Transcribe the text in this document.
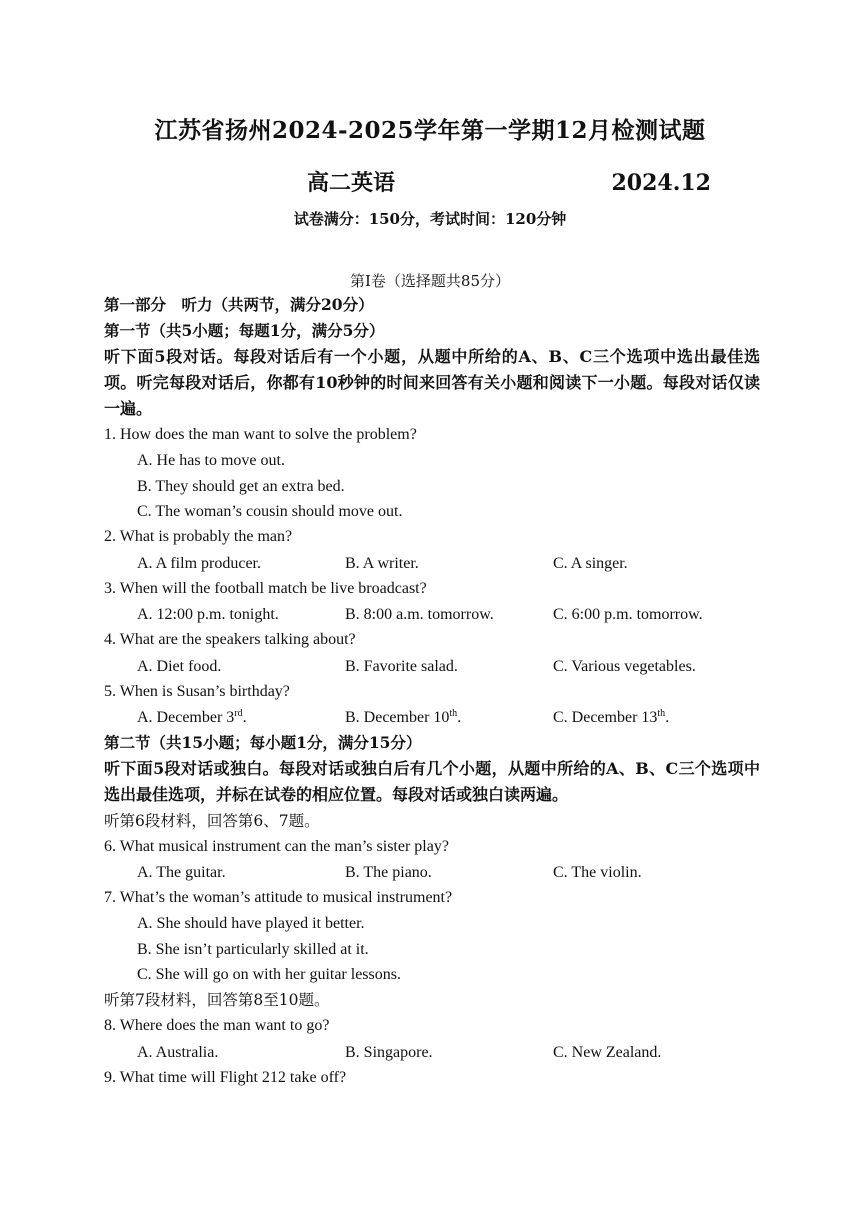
江苏省扬州2024-2025学年第一学期12月检测试题
高二英语	2024.12
试卷满分：150分，考试时间：120分钟
第Ⅰ卷（选择题共85分）
第一部分　听力（共两节，满分20分）
第一节（共5小题；每题1分，满分5分）
听下面5段对话。每段对话后有一个小题，从题中所给的A、B、C三个选项中选出最佳选项。听完每段对话后，你都有10秒钟的时间来回答有关小题和阅读下一小题。每段对话仅读一遍。
1. How does the man want to solve the problem?
A. He has to move out.
B. They should get an extra bed.
C. The woman’s cousin should move out.
2. What is probably the man?
A. A film producer.	B. A writer.	C. A singer.
3. When will the football match be live broadcast?
A. 12:00 p.m. tonight.	B. 8:00 a.m. tomorrow.	C. 6:00 p.m. tomorrow.
4. What are the speakers talking about?
A. Diet food.	B. Favorite salad.	C. Various vegetables.
5. When is Susan’s birthday?
A. December 3rd.	B. December 10th.	C. December 13th.
第二节（共15小题；每小题1分，满分15分）
听下面5段对话或独白。每段对话或独白后有几个小题，从题中所给的A、B、C三个选项中选出最佳选项，并标在试卷的相应位置。每段对话或独白读两遍。
听第6段材料，回答第6、7题。
6. What musical instrument can the man’s sister play?
A. The guitar.	B. The piano.	C. The violin.
7. What’s the woman’s attitude to musical instrument?
A. She should have played it better.
B. She isn’t particularly skilled at it.
C. She will go on with her guitar lessons.
听第7段材料，回答第8至10题。
8. Where does the man want to go?
A. Australia.	B. Singapore.	C. New Zealand.
9. What time will Flight 212 take off?
